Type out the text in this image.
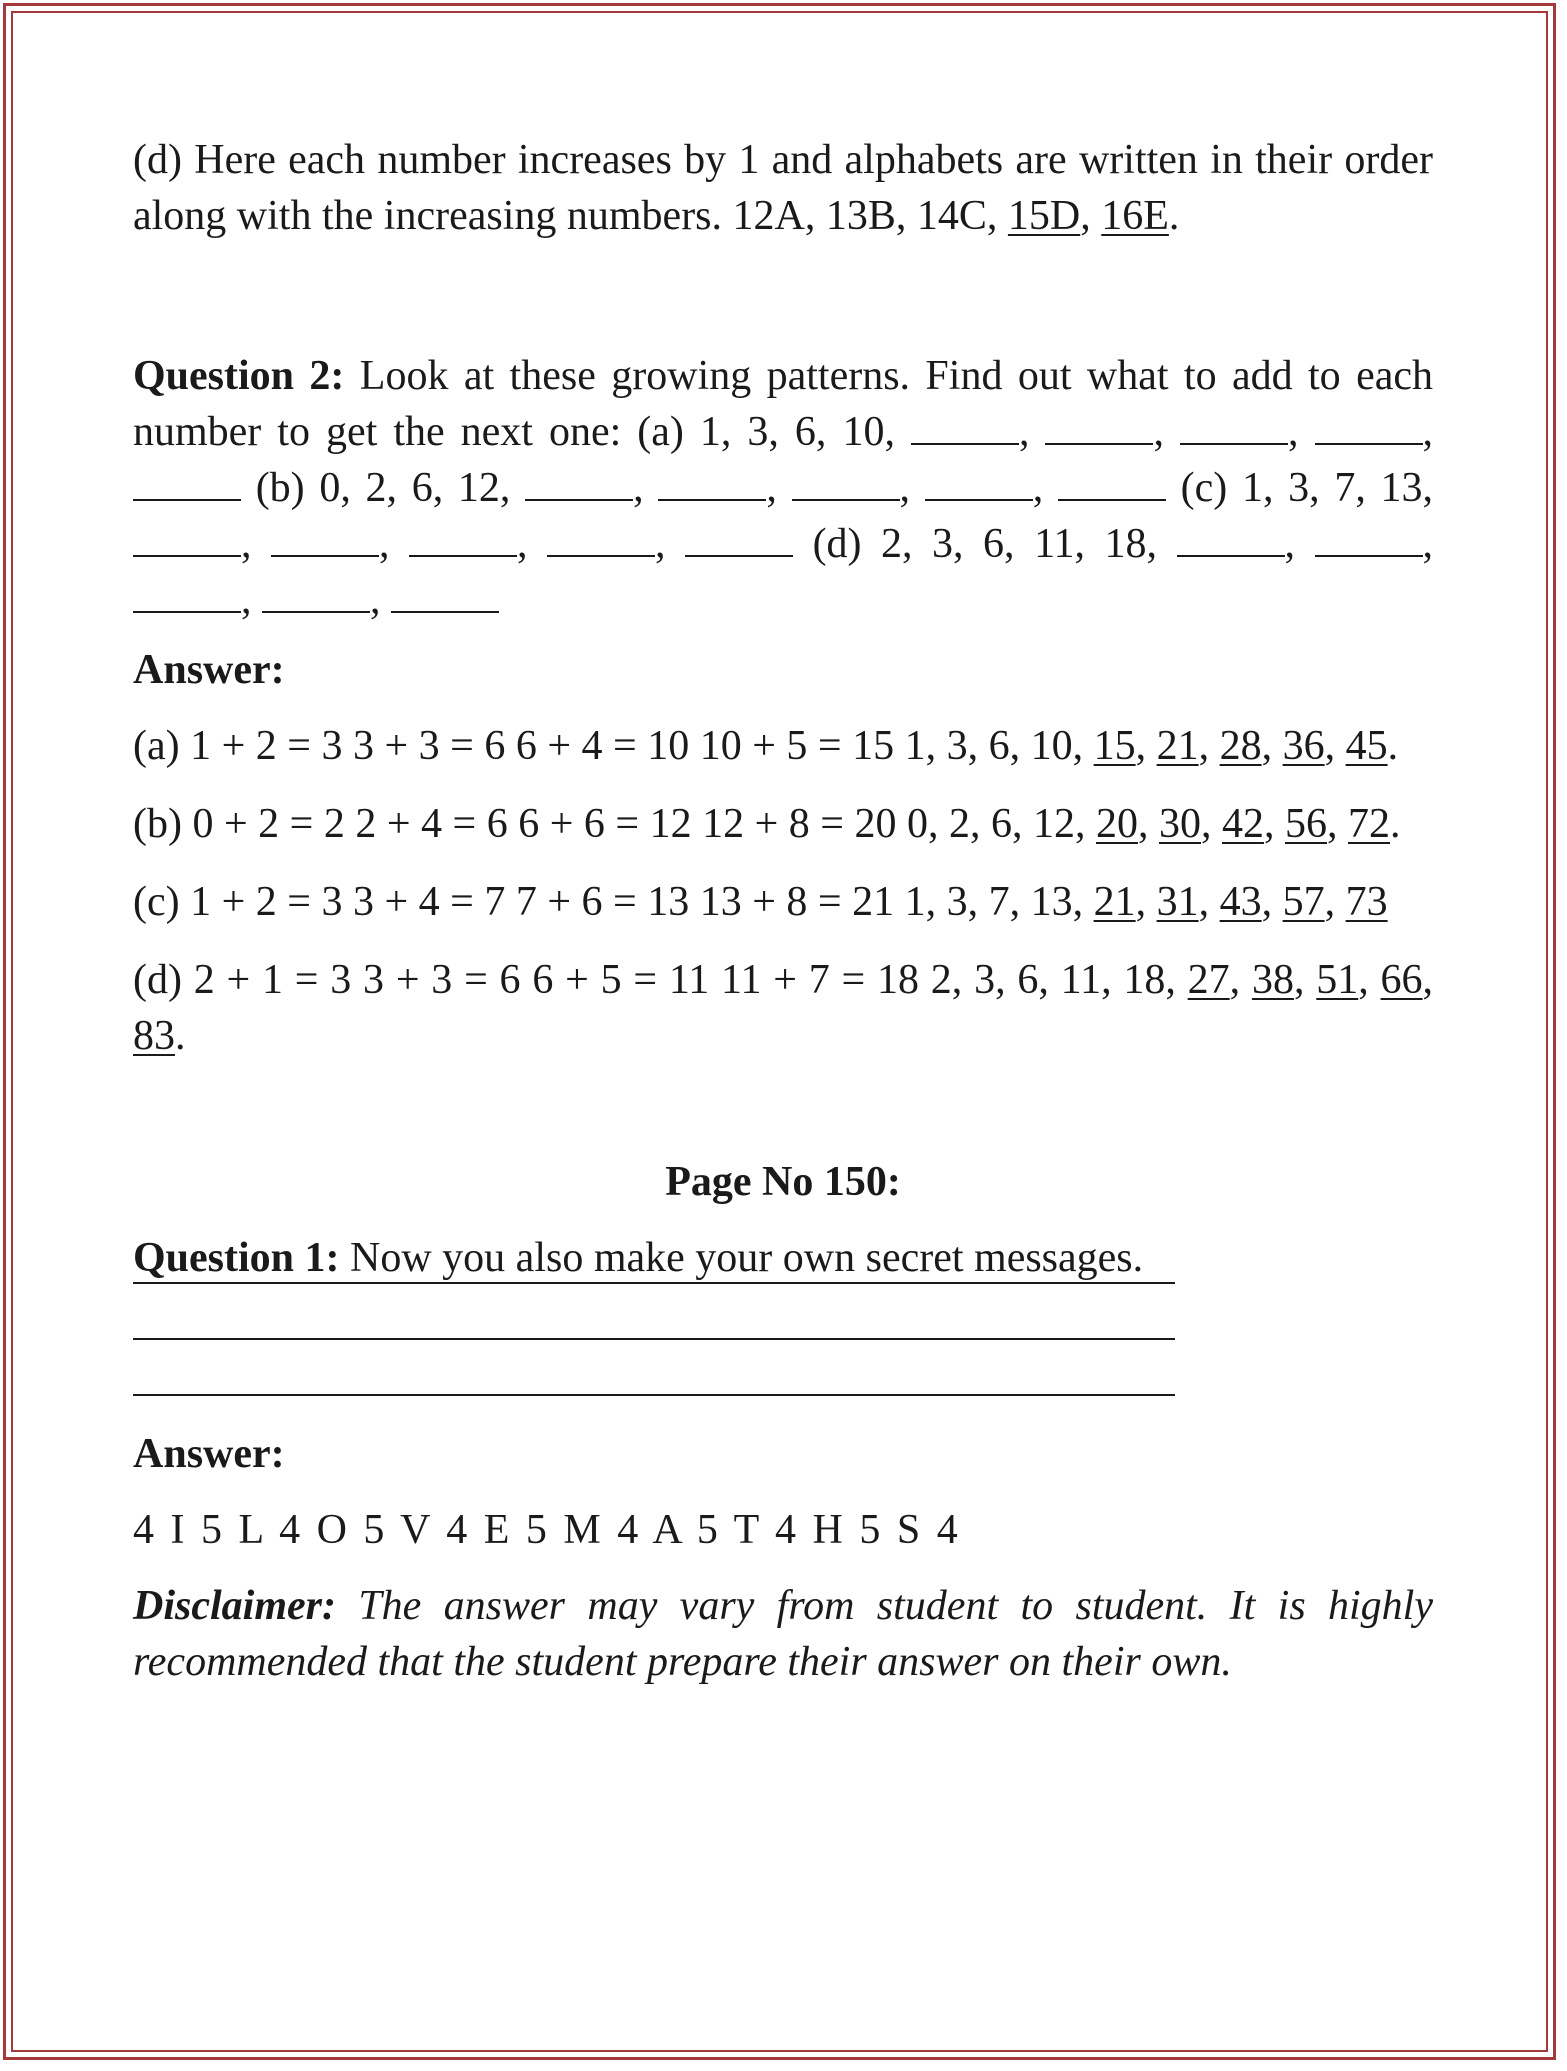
(d) Here each number increases by 1 and alphabets are written in their order along with the increasing numbers. 12A, 13B, 14C, 15D, 16E.

Question 2: Look at these growing patterns. Find out what to add to each number to get the next one: (a) 1, 3, 6, 10,	,	,	,	,  (b) 0, 2, 6, 12,	,	,	,	,	(c) 1, 3, 7, 13, ,	,	,	,	(d) 2, 3, 6, 11, 18,	,	, ,	,

Answer:

(a) 1 + 2 = 3 3 + 3 = 6 6 + 4 = 10 10 + 5 = 15 1, 3, 6, 10, 15, 21, 28, 36, 45.

(b) 0 + 2 = 2 2 + 4 = 6 6 + 6 = 12 12 + 8 = 20 0, 2, 6, 12, 20, 30, 42, 56, 72.

(c) 1 + 2 = 3 3 + 4 = 7 7 + 6 = 13 13 + 8 = 21 1, 3, 7, 13, 21, 31, 43, 57, 73

(d) 2 + 1 = 3 3 + 3 = 6 6 + 5 = 11 11 + 7 = 18 2, 3, 6, 11, 18, 27, 38, 51, 66, 83.

Page No 150:

Question 1: Now you also make your own secret messages.

Answer:

4 I 5 L 4 O 5 V 4 E 5 M 4 A 5 T 4 H 5 S 4

Disclaimer: The answer may vary from student to student. It is highly recommended that the student prepare their answer on their own.
